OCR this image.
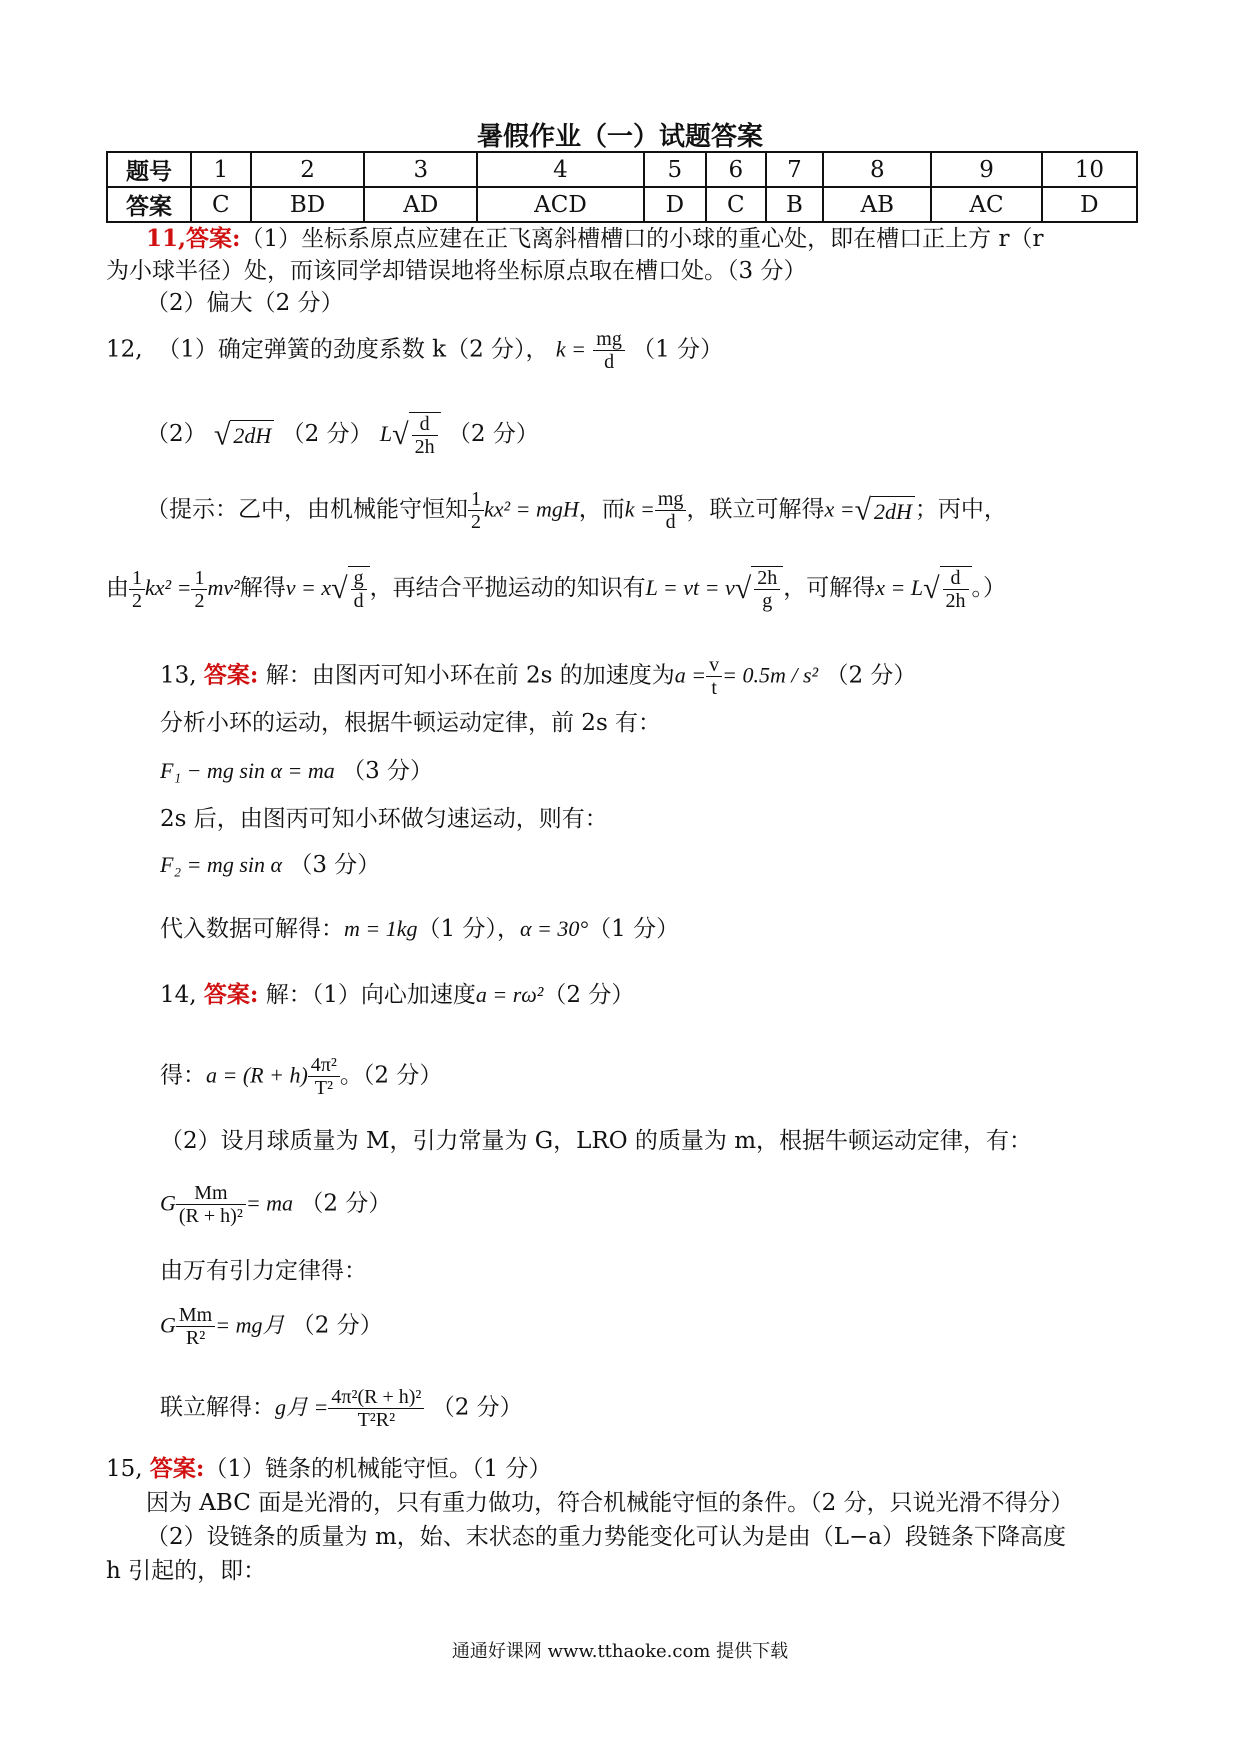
暑假作业（一）试题答案
题号	1	2	3	4	5	6	7	8	9	10
答案	C	BD	AD	ACD	D	C	B	AB	AC	D
11,答案:（1）坐标系原点应建在正飞离斜槽槽口的小球的重心处，即在槽口正上方 r（r
为小球半径）处，而该同学却错误地将坐标原点取在槽口处。（3 分）
（2）偏大（2 分）
12, （1）确定弹簧的劲度系数 k（2 分）， $k = \frac{mg}{d} (1$ 分）
（2） √ 2dH （2 分） $L√ \frac{d}{2h} (2$ 分）
（提示：乙中，由机械能守恒知 $\frac{1}{2} kx^2$ = mgH，而$k = \frac{mg}{d}$ ，联立可解得x =√ 2dH ；丙中，
由 $\frac{1}{2} kx^2 = \frac{1}{2} mv^2$解得$v = x√ \frac{g}{d}$ ，再结合平抛运动的知识有L = vt = $v√ \frac{2h}{g}$ ，可解得$x = L√ \frac{d}{2h}$ 。）
13, 答案: 解：由图丙可知小环在前 2s 的加速度为$a = \frac{v}{t} = 0.5m / s^2$ （2 分）
分析小环的运动，根据牛顿运动定律，前 2s 有：
F₁ − mg sin α = ma （3 分）
2s 后，由图丙可知小环做匀速运动，则有：
F₂ = mg sin α （3 分）
代入数据可解得：m = 1kg（1 分），α = 30°（1 分）
14, 答案: 解：（1）向心加速度a = rω²（2 分）
得：$a = (R + h) \frac{\text{4π²}}{\text{T²}}$ 。（2 分）
（2）设月球质量为 M，引力常量为 G，LRO 的质量为 m，根据牛顿运动定律，有：
G $\frac{Mm}{\text{(R + h)²}}$ = ma （2 分）
由万有引力定律得：
G $\frac{Mm}{\text{R²}}$ = mg月 （2 分）
联立解得：g月 = $\frac{\text{4π²(R + h)²}}{\text{T²R²}} (2$ 分）
15, 答案:（1）链条的机械能守恒。（1 分）
因为 ABC 面是光滑的，只有重力做功，符合机械能守恒的条件。（2 分，只说光滑不得分）
（2）设链条的质量为 m，始、末状态的重力势能变化可认为是由（L−a）段链条下降高度
h 引起的，即：
通通好课网 www.tthaoke.com 提供下载
